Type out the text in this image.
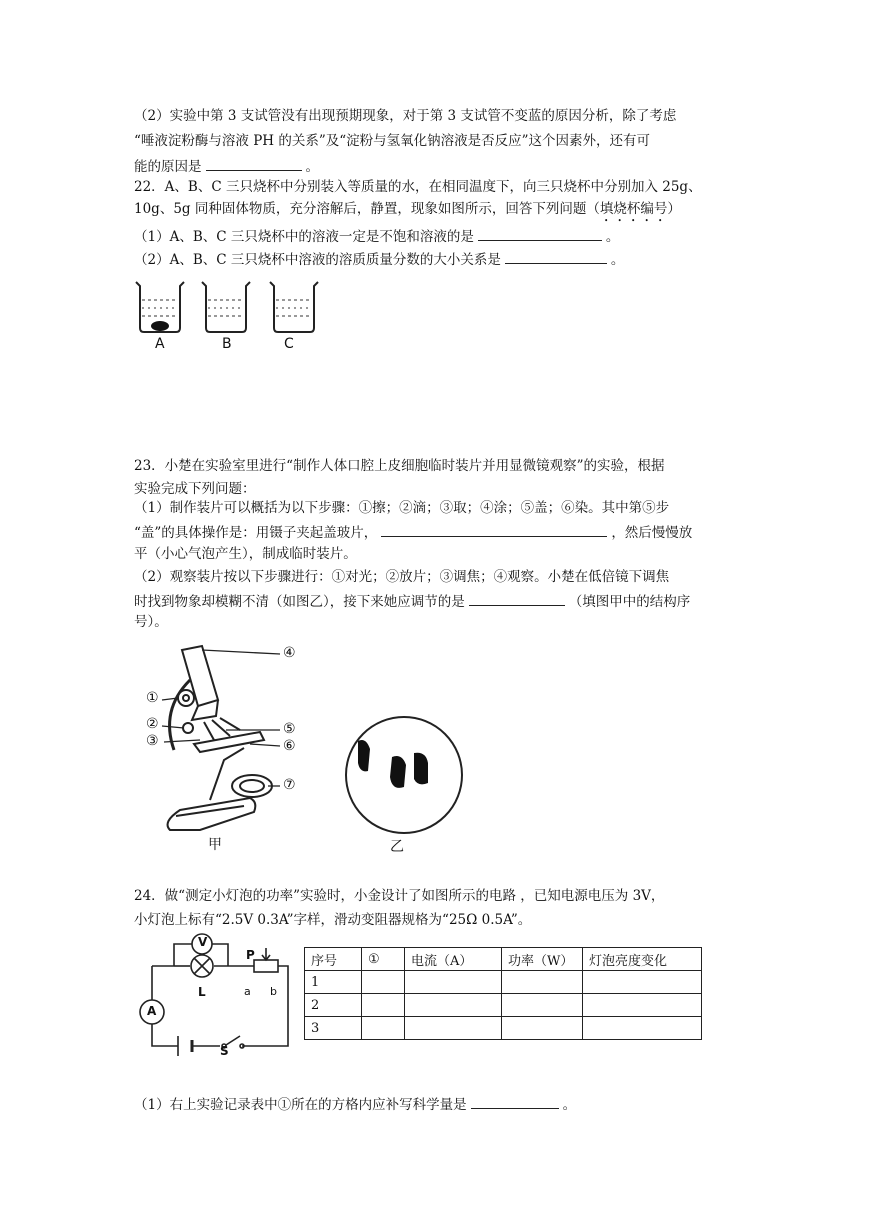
（2）实验中第 3 支试管没有出现预期现象，对于第 3 支试管不变蓝的原因分析，除了考虑
“唾液淀粉酶与溶液 PH 的关系”及“淀粉与氢氧化钠溶液是否反应”这个因素外，还有可
能的原因是	。
22．A、B、C 三只烧杯中分别装入等质量的水，在相同温度下，向三只烧杯中分别加入 25g、
10g、5g 同种固体物质，充分溶解后，静置，现象如图所示，回答下列问题（填烧杯编号）
（1）A、B、C 三只烧杯中的溶液一定是不饱和溶液的是	。
（2）A、B、C 三只烧杯中溶液的溶质质量分数的大小关系是	。
A	B	C
23．小楚在实验室里进行“制作人体口腔上皮细胞临时装片并用显微镜观察”的实验，根据
实验完成下列问题：
（1）制作装片可以概括为以下步骤：①擦；②滴；③取；④涂；⑤盖；⑥染。其中第⑤步
“盖”的具体操作是：用镊子夹起盖玻片，	，然后慢慢放
平（小心气泡产生），制成临时装片。
（2）观察装片按以下步骤进行：①对光；②放片；③调焦；④观察。小楚在低倍镜下调焦
时找到物象却模糊不清（如图乙），接下来她应调节的是	（填图甲中的结构序
号）。
④
①
②
③
⑤
⑥
⑦
甲	乙
24．做“测定小灯泡的功率”实验时，小金设计了如图所示的电路 ，已知电源电压为 3V，
小灯泡上标有“2.5V 0.3A”字样，滑动变阻器规格为“25Ω 0.5A”。
V
L
A
P
a b
S
序号	①	电流（A）	功率（W）	灯泡亮度变化
1				
2				
3				
（1）右上实验记录表中①所在的方格内应补写科学量是	。
